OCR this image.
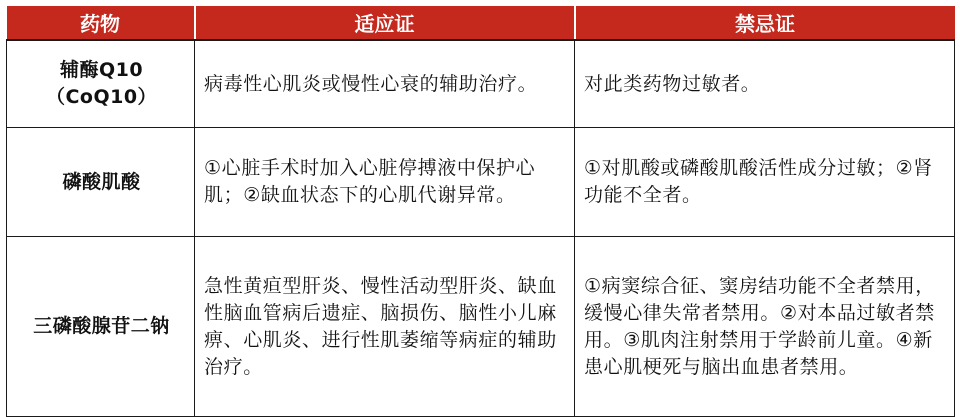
药物	适应证	禁忌证

辅酶Q10
（CoQ10）	病毒性心肌炎或慢性心衰的辅助治疗。	对此类药物过敏者。

磷酸肌酸	①心脏手术时加入心脏停搏液中保护心肌；②缺血状态下的心肌代谢异常。	①对肌酸或磷酸肌酸活性成分过敏；②肾功能不全者。

三磷酸腺苷二钠	急性黄疸型肝炎、慢性活动型肝炎、缺血性脑血管病后遗症、脑损伤、脑性小儿麻痹、心肌炎、进行性肌萎缩等病症的辅助治疗。	①病窦综合征、窦房结功能不全者禁用，缓慢心律失常者禁用。②对本品过敏者禁用。③肌肉注射禁用于学龄前儿童。④新患心肌梗死与脑出血患者禁用。
